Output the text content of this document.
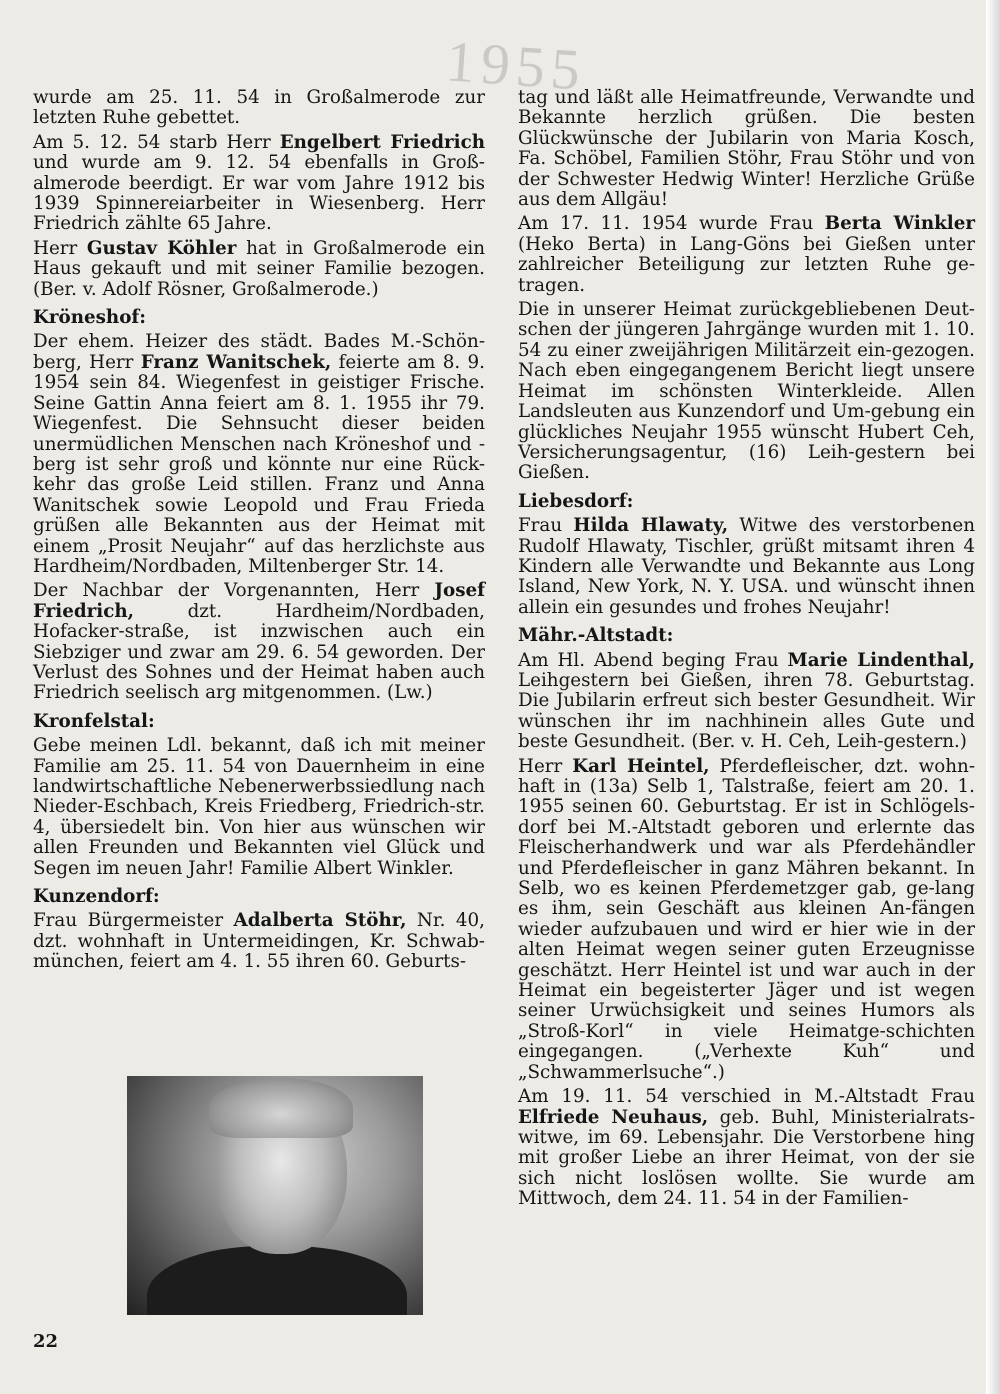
1955

wurde am 25. 11. 54 in Großalmerode zur letzten Ruhe gebettet.

Am 5. 12. 54 starb Herr Engelbert Friedrich und wurde am 9. 12. 54 ebenfalls in Groß-almerode beerdigt. Er war vom Jahre 1912 bis 1939 Spinnereiarbeiter in Wiesenberg. Herr Friedrich zählte 65 Jahre.

Herr Gustav Köhler hat in Großalmerode ein Haus gekauft und mit seiner Familie bezogen. (Ber. v. Adolf Rösner, Großalmerode.)

Kröneshof:

Der ehem. Heizer des städt. Bades M.-Schön-berg, Herr Franz Wanitschek, feierte am 8. 9. 1954 sein 84. Wiegenfest in geistiger Frische. Seine Gattin Anna feiert am 8. 1. 1955 ihr 79. Wiegenfest. Die Sehnsucht dieser beiden unermüdlichen Menschen nach Kröneshof und -berg ist sehr groß und könnte nur eine Rück-kehr das große Leid stillen. Franz und Anna Wanitschek sowie Leopold und Frau Frieda grüßen alle Bekannten aus der Heimat mit einem „Prosit Neujahr“ auf das herzlichste aus Hardheim/Nordbaden, Miltenberger Str. 14.

Der Nachbar der Vorgenannten, Herr Josef Friedrich, dzt. Hardheim/Nordbaden, Hofacker-straße, ist inzwischen auch ein Siebziger und zwar am 29. 6. 54 geworden. Der Verlust des Sohnes und der Heimat haben auch Friedrich seelisch arg mitgenommen. (Lw.)

Kronfelstal:

Gebe meinen Ldl. bekannt, daß ich mit meiner Familie am 25. 11. 54 von Dauernheim in eine landwirtschaftliche Nebenerwerbssiedlung nach Nieder-Eschbach, Kreis Friedberg, Friedrich-str. 4, übersiedelt bin. Von hier aus wünschen wir allen Freunden und Bekannten viel Glück und Segen im neuen Jahr! Familie Albert Winkler.

Kunzendorf:

Frau Bürgermeister Adalberta Stöhr, Nr. 40, dzt. wohnhaft in Untermeidingen, Kr. Schwab-münchen, feiert am 4. 1. 55 ihren 60. Geburts-

tag und läßt alle Heimatfreunde, Verwandte und Bekannte herzlich grüßen. Die besten Glückwünsche der Jubilarin von Maria Kosch, Fa. Schöbel, Familien Stöhr, Frau Stöhr und von der Schwester Hedwig Winter! Herzliche Grüße aus dem Allgäu!

Am 17. 11. 1954 wurde Frau Berta Winkler (Heko Berta) in Lang-Göns bei Gießen unter zahlreicher Beteiligung zur letzten Ruhe ge-tragen.

Die in unserer Heimat zurückgebliebenen Deut-schen der jüngeren Jahrgänge wurden mit 1. 10. 54 zu einer zweijährigen Militärzeit ein-gezogen. Nach eben eingegangenem Bericht liegt unsere Heimat im schönsten Winterkleide. Allen Landsleuten aus Kunzendorf und Um-gebung ein glückliches Neujahr 1955 wünscht Hubert Ceh, Versicherungsagentur, (16) Leih-gestern bei Gießen.

Liebesdorf:

Frau Hilda Hlawaty, Witwe des verstorbenen Rudolf Hlawaty, Tischler, grüßt mitsamt ihren 4 Kindern alle Verwandte und Bekannte aus Long Island, New York, N. Y. USA. und wünscht ihnen allein ein gesundes und frohes Neujahr!

Mähr.-Altstadt:

Am Hl. Abend beging Frau Marie Lindenthal, Leihgestern bei Gießen, ihren 78. Geburtstag. Die Jubilarin erfreut sich bester Gesundheit. Wir wünschen ihr im nachhinein alles Gute und beste Gesundheit. (Ber. v. H. Ceh, Leih-gestern.)

Herr Karl Heintel, Pferdefleischer, dzt. wohn-haft in (13a) Selb 1, Talstraße, feiert am 20. 1. 1955 seinen 60. Geburtstag. Er ist in Schlögels-dorf bei M.-Altstadt geboren und erlernte das Fleischerhandwerk und war als Pferdehändler und Pferdefleischer in ganz Mähren bekannt. In Selb, wo es keinen Pferdemetzger gab, ge-lang es ihm, sein Geschäft aus kleinen An-fängen wieder aufzubauen und wird er hier wie in der alten Heimat wegen seiner guten Erzeugnisse geschätzt. Herr Heintel ist und war auch in der Heimat ein begeisterter Jäger und ist wegen seiner Urwüchsigkeit und seines Humors als „Stroß-Korl“ in viele Heimatge-schichten eingegangen. („Verhexte Kuh“ und „Schwammerlsuche“.)

Am 19. 11. 54 verschied in M.-Altstadt Frau Elfriede Neuhaus, geb. Buhl, Ministerialrats-witwe, im 69. Lebensjahr. Die Verstorbene hing mit großer Liebe an ihrer Heimat, von der sie sich nicht loslösen wollte. Sie wurde am Mittwoch, dem 24. 11. 54 in der Familien-

22
